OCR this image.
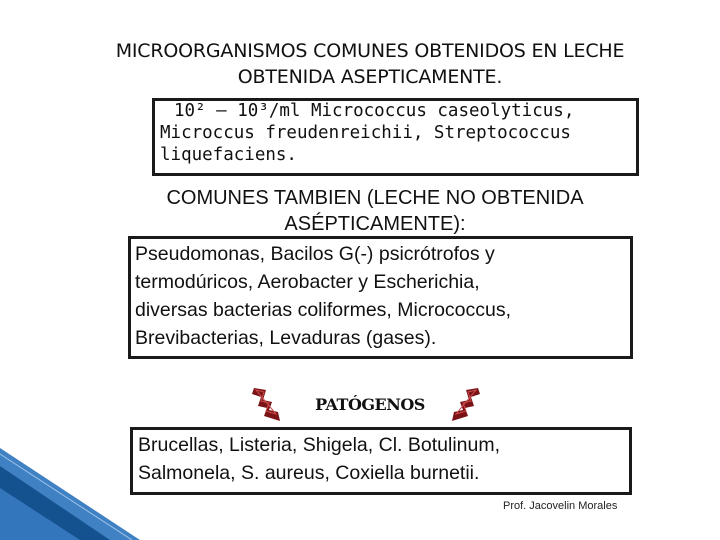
MICROORGANISMOS COMUNES OBTENIDOS EN LECHE
OBTENIDA ASEPTICAMENTE.
10² – 10³/ml Micrococcus caseolyticus,
Microccus freudenreichii, Streptococcus
liquefaciens.
COMUNES TAMBIEN (LECHE NO OBTENIDA
ASÉPTICAMENTE):
Pseudomonas, Bacilos G(-) psicrótrofos y
termodúricos, Aerobacter y Escherichia,
diversas bacterias coliformes, Micrococcus,
Brevibacterias, Levaduras (gases).
PATÓGENOS
Brucellas, Listeria, Shigela, Cl. Botulinum,
Salmonela, S. aureus, Coxiella burnetii.
Prof. Jacovelin Morales
